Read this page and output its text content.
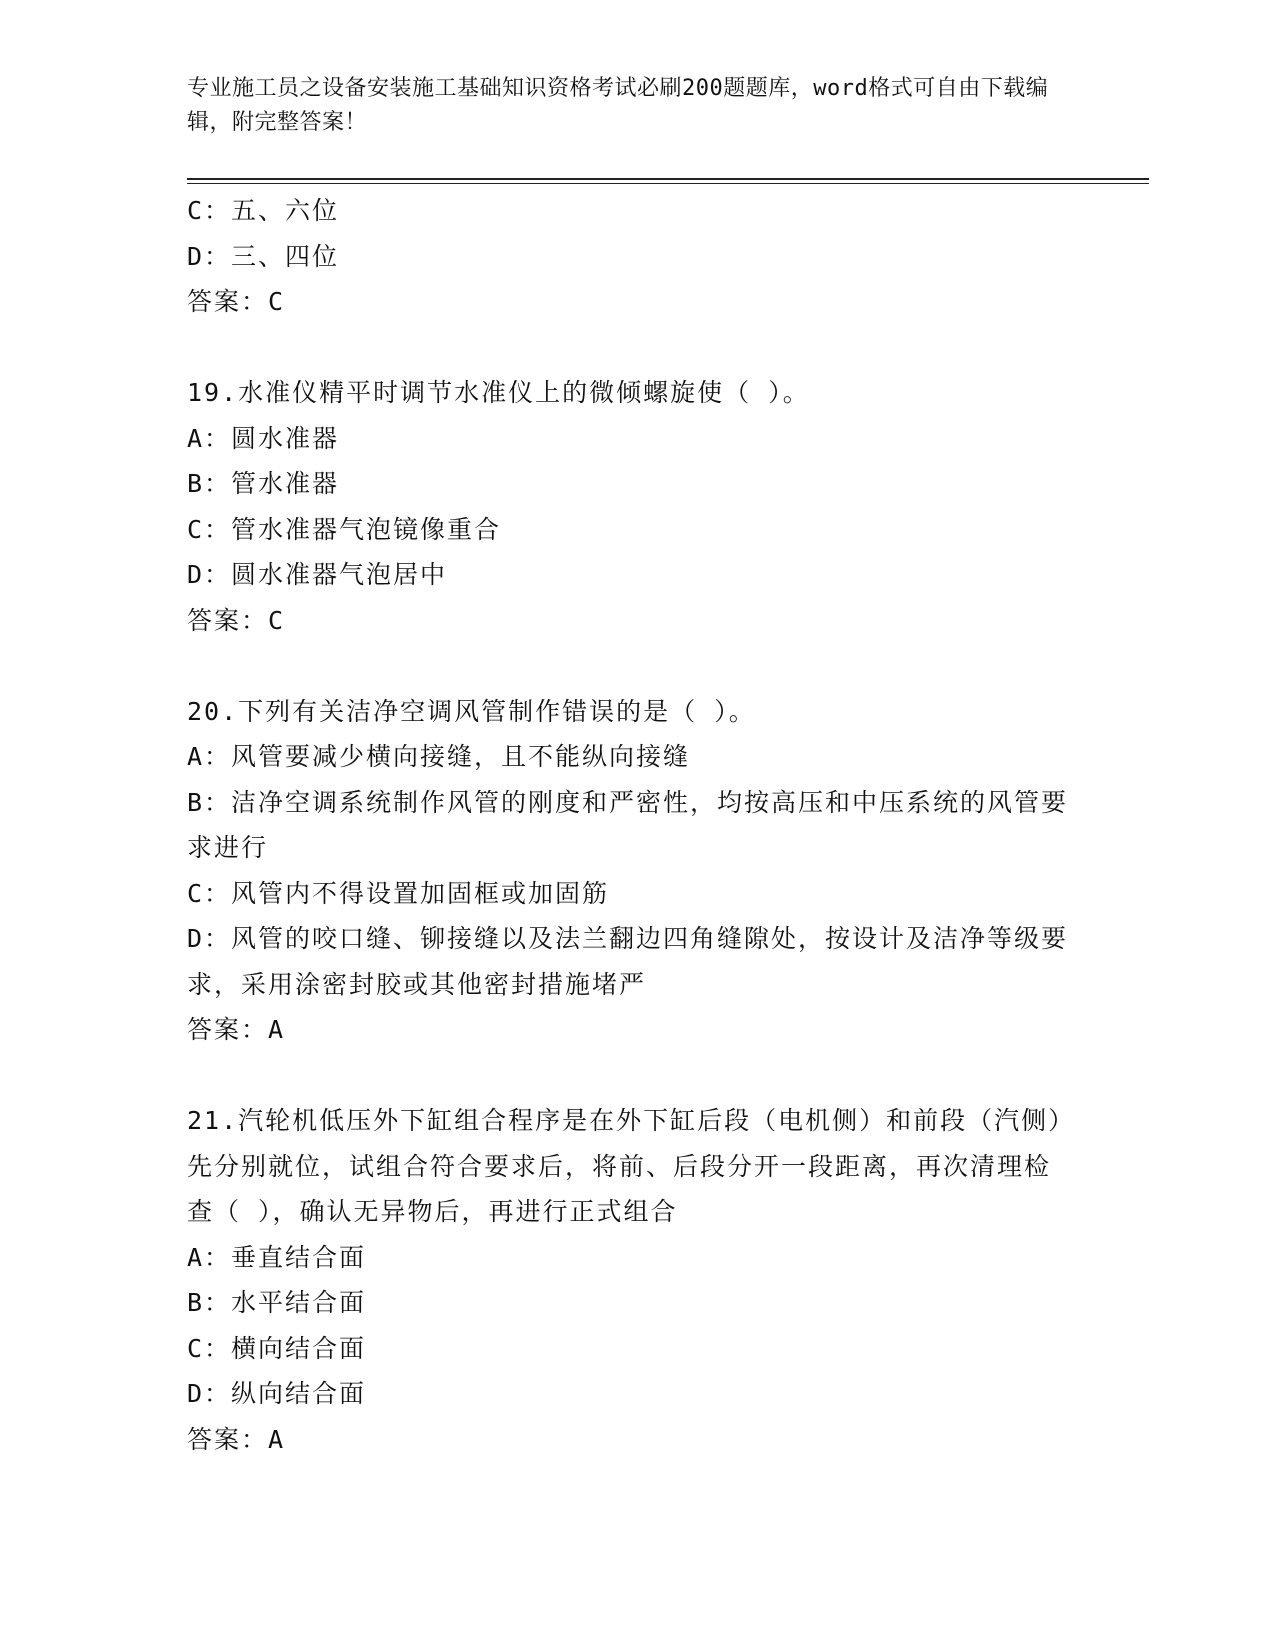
专业施工员之设备安装施工基础知识资格考试必刷200题题库，word格式可自由下载编辑，附完整答案！
C：五、六位
D：三、四位
答案：C
19.水准仪精平时调节水准仪上的微倾螺旋使（ ）。
A：圆水准器
B：管水准器
C：管水准器气泡镜像重合
D：圆水准器气泡居中
答案：C
20.下列有关洁净空调风管制作错误的是（ ）。
A：风管要减少横向接缝，且不能纵向接缝
B：洁净空调系统制作风管的刚度和严密性，均按高压和中压系统的风管要求进行
C：风管内不得设置加固框或加固筋
D：风管的咬口缝、铆接缝以及法兰翻边四角缝隙处，按设计及洁净等级要求，采用涂密封胶或其他密封措施堵严
答案：A
21.汽轮机低压外下缸组合程序是在外下缸后段（电机侧）和前段（汽侧）先分别就位，试组合符合要求后，将前、后段分开一段距离，再次清理检查（ ），确认无异物后，再进行正式组合
A：垂直结合面
B：水平结合面
C：横向结合面
D：纵向结合面
答案：A
